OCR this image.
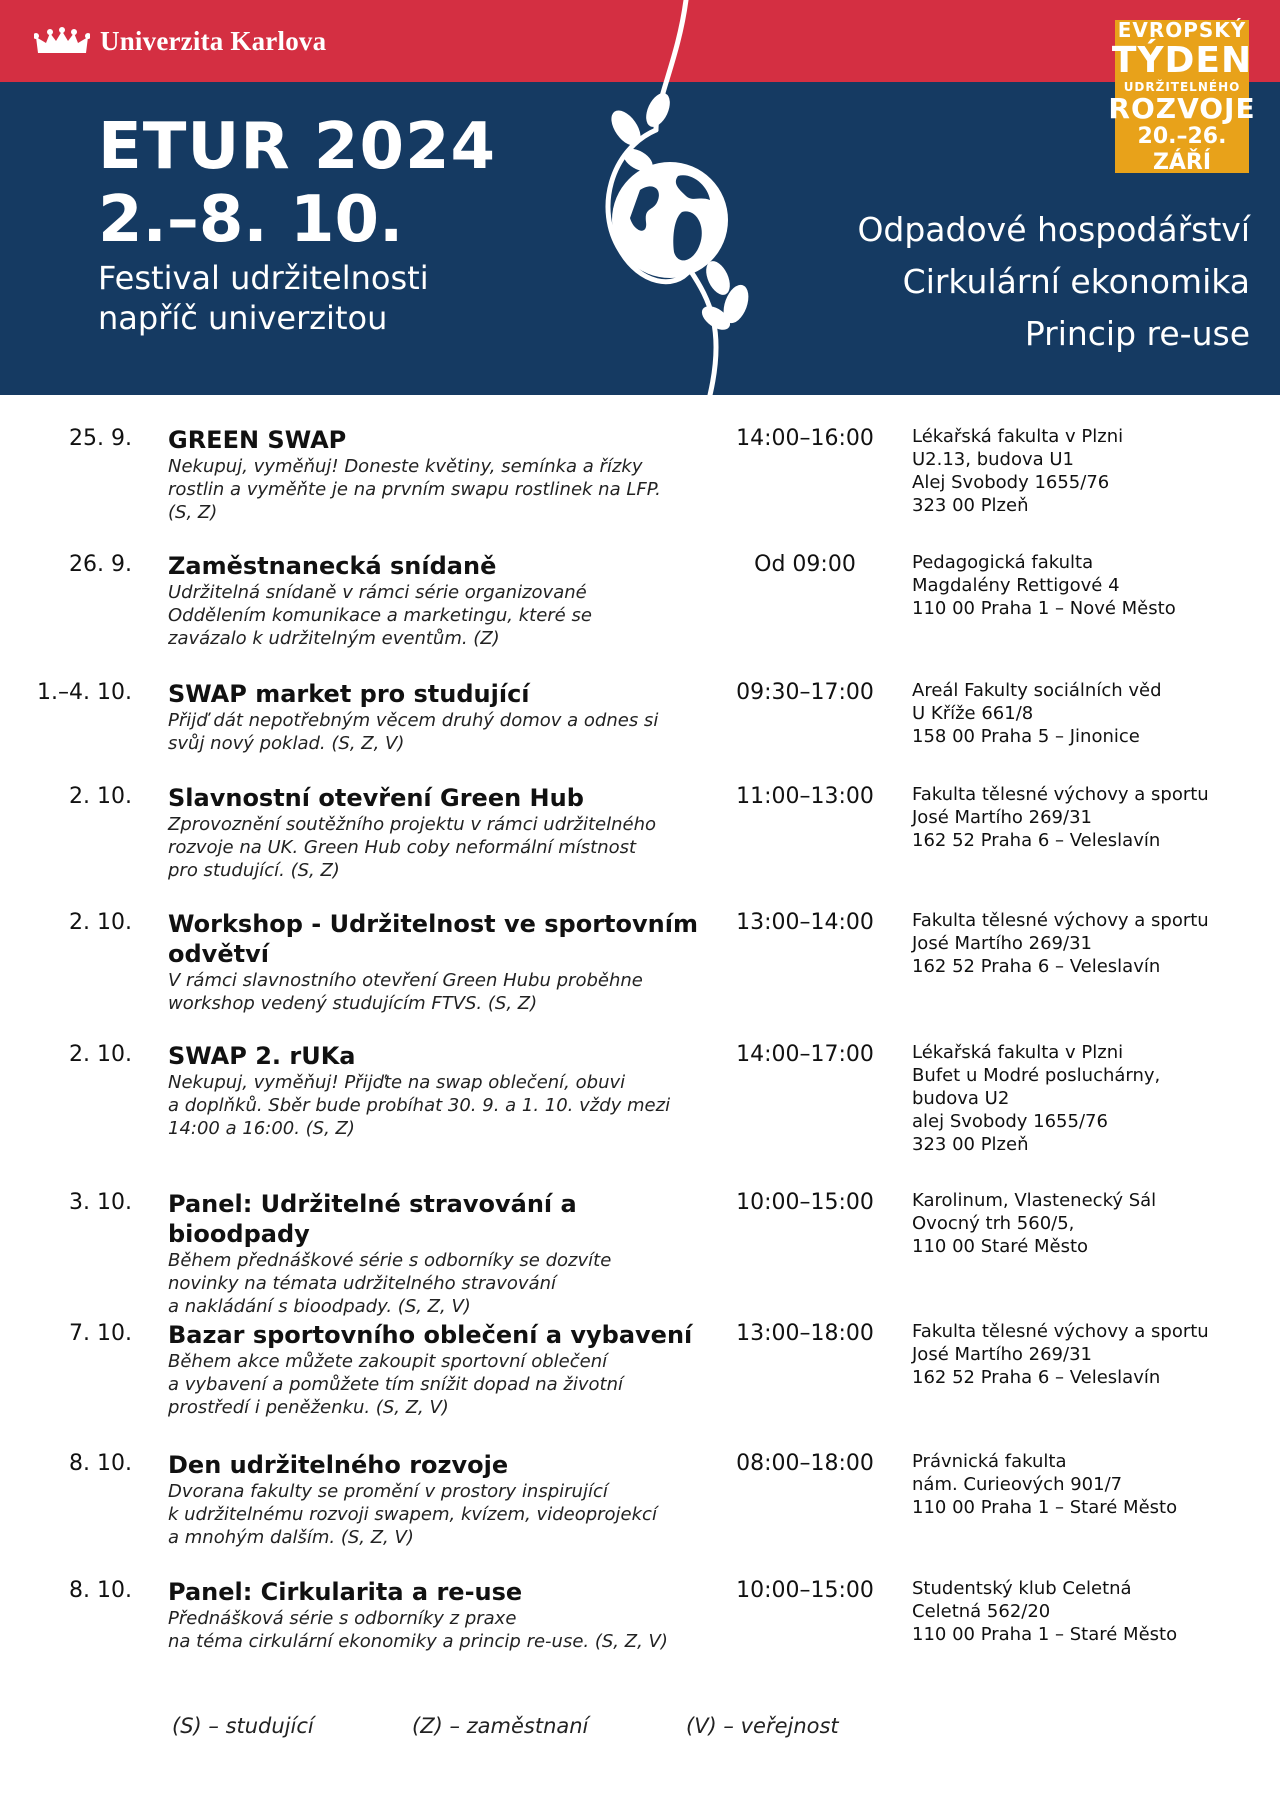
Univerzita Karlova
ETUR 2024
2.–8. 10.
Festival udržitelnosti
napříč univerzitou
Odpadové hospodářství
Cirkulární ekonomika
Princip re-use
EVROPSKÝ
TÝDEN
UDRŽITELNÉHO
ROZVOJE
20.–26. ZÁŘÍ
25. 9. GREEN SWAP
Nekupuj, vyměňuj! Doneste květiny, semínka a řízky
rostlin a vyměňte je na prvním swapu rostlinek na LFP.
(S, Z)
14:00–16:00	Lékařská fakulta v Plzni
U2.13, budova U1
Alej Svobody 1655/76
323 00 Plzeň
26. 9. Zaměstnanecká snídaně
Udržitelná snídaně v rámci série organizované
Oddělením komunikace a marketingu, které se
zavázalo k udržitelným eventům. (Z)
Od 09:00	Pedagogická fakulta
Magdalény Rettigové 4
110 00 Praha 1 – Nové Město
1.–4. 10. SWAP market pro studující
Přijď dát nepotřebným věcem druhý domov a odnes si
svůj nový poklad. (S, Z, V)
09:30–17:00	Areál Fakulty sociálních věd
U Kříže 661/8
158 00 Praha 5 – Jinonice
2. 10. Slavnostní otevření Green Hub
Zprovoznění soutěžního projektu v rámci udržitelného
rozvoje na UK. Green Hub coby neformální místnost
pro studující. (S, Z)
11:00–13:00	Fakulta tělesné výchovy a sportu
José Martího 269/31
162 52 Praha 6 – Veleslavín
2. 10. Workshop - Udržitelnost ve sportovním odvětví
V rámci slavnostního otevření Green Hubu proběhne
workshop vedený studujícím FTVS. (S, Z)
13:00–14:00	Fakulta tělesné výchovy a sportu
José Martího 269/31
162 52 Praha 6 – Veleslavín
2. 10. SWAP 2. rUKa
Nekupuj, vyměňuj! Přijďte na swap oblečení, obuvi
a doplňků. Sběr bude probíhat 30. 9. a 1. 10. vždy mezi
14:00 a 16:00. (S, Z)
14:00–17:00	Lékařská fakulta v Plzni
Bufet u Modré posluchárny,
budova U2
alej Svobody 1655/76
323 00 Plzeň
3. 10. Panel: Udržitelné stravování a bioodpady
Během přednáškové série s odborníky se dozvíte
novinky na témata udržitelného stravování
a nakládání s bioodpady. (S, Z, V)
10:00–15:00	Karolinum, Vlastenecký Sál
Ovocný trh 560/5,
110 00 Staré Město
7. 10. Bazar sportovního oblečení a vybavení
Během akce můžete zakoupit sportovní oblečení
a vybavení a pomůžete tím snížit dopad na životní
prostředí i peněženku. (S, Z, V)
13:00–18:00	Fakulta tělesné výchovy a sportu
José Martího 269/31
162 52 Praha 6 – Veleslavín
8. 10. Den udržitelného rozvoje
Dvorana fakulty se promění v prostory inspirující
k udržitelnému rozvoji swapem, kvízem, videoprojekcí
a mnohým dalším. (S, Z, V)
08:00–18:00	Právnická fakulta
nám. Curieových 901/7
110 00 Praha 1 – Staré Město
8. 10. Panel: Cirkularita a re-use
Přednášková série s odborníky z praxe
na téma cirkulární ekonomiky a princip re-use. (S, Z, V)
10:00–15:00	Studentský klub Celetná
Celetná 562/20
110 00 Praha 1 – Staré Město
(S) – studující	(Z) – zaměstnaní	(V) – veřejnost
